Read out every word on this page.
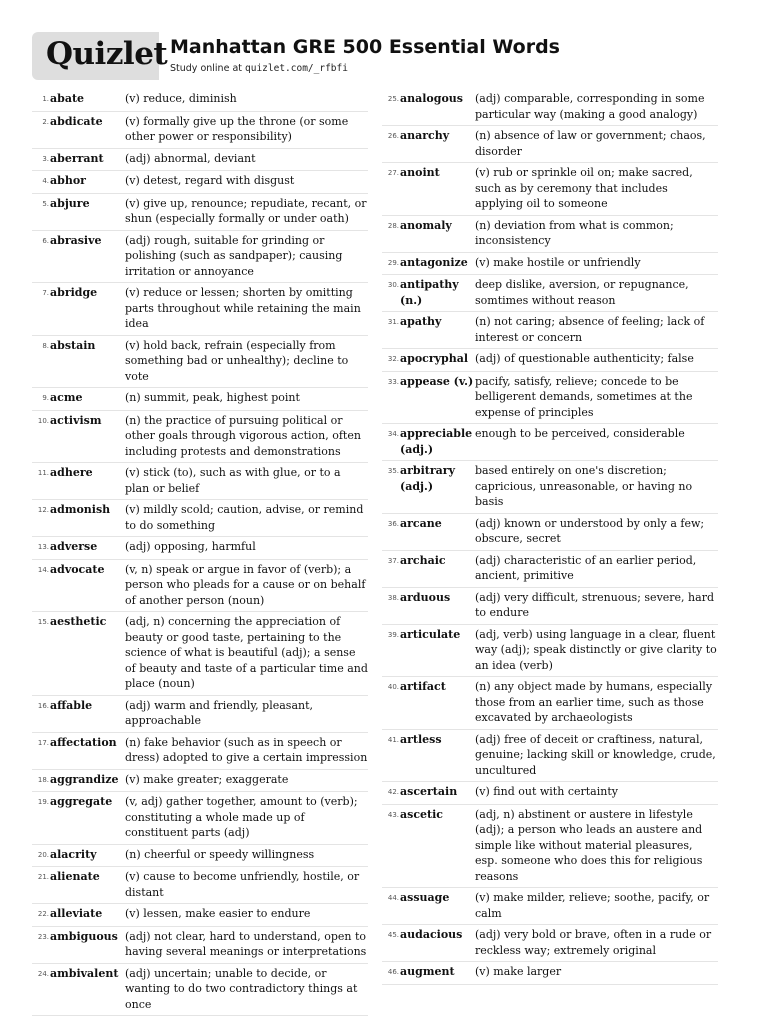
Quizlet Manhattan GRE 500 Essential Words
Study online at quizlet.com/_rfbfi
1. abate	(v) reduce, diminish
2. abdicate	(v) formally give up the throne (or some other power or responsibility)
3. aberrant	(adj) abnormal, deviant
4. abhor	(v) detest, regard with disgust
5. abjure	(v) give up, renounce; repudiate, recant, or shun (especially formally or under oath)
6. abrasive	(adj) rough, suitable for grinding or polishing (such as sandpaper); causing irritation or annoyance
7. abridge	(v) reduce or lessen; shorten by omitting parts throughout while retaining the main idea
8. abstain	(v) hold back, refrain (especially from something bad or unhealthy); decline to vote
9. acme	(n) summit, peak, highest point
10. activism	(n) the practice of pursuing political or other goals through vigorous action, often including protests and demonstrations
11. adhere	(v) stick (to), such as with glue, or to a plan or belief
12. admonish	(v) mildly scold; caution, advise, or remind to do something
13. adverse	(adj) opposing, harmful
14. advocate	(v, n) speak or argue in favor of (verb); a person who pleads for a cause or on behalf of another person (noun)
15. aesthetic	(adj, n) concerning the appreciation of beauty or good taste, pertaining to the science of what is beautiful (adj); a sense of beauty and taste of a particular time and place (noun)
16. affable	(adj) warm and friendly, pleasant, approachable
17. affectation (n) fake behavior (such as in speech or dress) adopted to give a certain impression
18. aggrandize (v) make greater; exaggerate
19. aggregate	(v, adj) gather together, amount to (verb); constituting a whole made up of constituent parts (adj)
20. alacrity	(n) cheerful or speedy willingness
21. alienate	(v) cause to become unfriendly, hostile, or distant
22. alleviate	(v) lessen, make easier to endure
23. ambiguous (adj) not clear, hard to understand, open to having several meanings or interpretations
24. ambivalent (adj) uncertain; unable to decide, or wanting to do two contradictory things at once
25. analogous	(adj) comparable, corresponding in some particular way (making a good analogy)
26. anarchy	(n) absence of law or government; chaos, disorder
27. anoint	(v) rub or sprinkle oil on; make sacred, such as by ceremony that includes applying oil to someone
28. anomaly	(n) deviation from what is common; inconsistency
29. antagonize (v) make hostile or unfriendly
30. antipathy (n.)
deep dislike, aversion, or repugnance, somtimes without reason
31. apathy	(n) not caring; absence of feeling; lack of interest or concern
32. apocryphal (adj) of questionable authenticity; false
33. appease (v.) pacify, satisfy, relieve; concede to be belligerent demands, sometimes at the expense of principles
34. appreciable (adj.)
enough to be perceived, considerable
35. arbitrary (adj.)
based entirely on one's discretion; capricious, unreasonable, or having no basis
36. arcane	(adj) known or understood by only a few; obscure, secret
37. archaic	(adj) characteristic of an earlier period, ancient, primitive
38. arduous	(adj) very difficult, strenuous; severe, hard to endure
39. articulate	(adj, verb) using language in a clear, fluent way (adj); speak distinctly or give clarity to an idea (verb)
40. artifact	(n) any object made by humans, especially those from an earlier time, such as those excavated by archaeologists
41. artless	(adj) free of deceit or craftiness, natural, genuine; lacking skill or knowledge, crude, uncultured
42. ascertain	(v) find out with certainty
43. ascetic	(adj, n) abstinent or austere in lifestyle (adj); a person who leads an austere and simple like without material pleasures, esp. someone who does this for religious reasons
44. assuage	(v) make milder, relieve; soothe, pacify, or calm
45. audacious	(adj) very bold or brave, often in a rude or reckless way; extremely original
46. augment	(v) make larger
